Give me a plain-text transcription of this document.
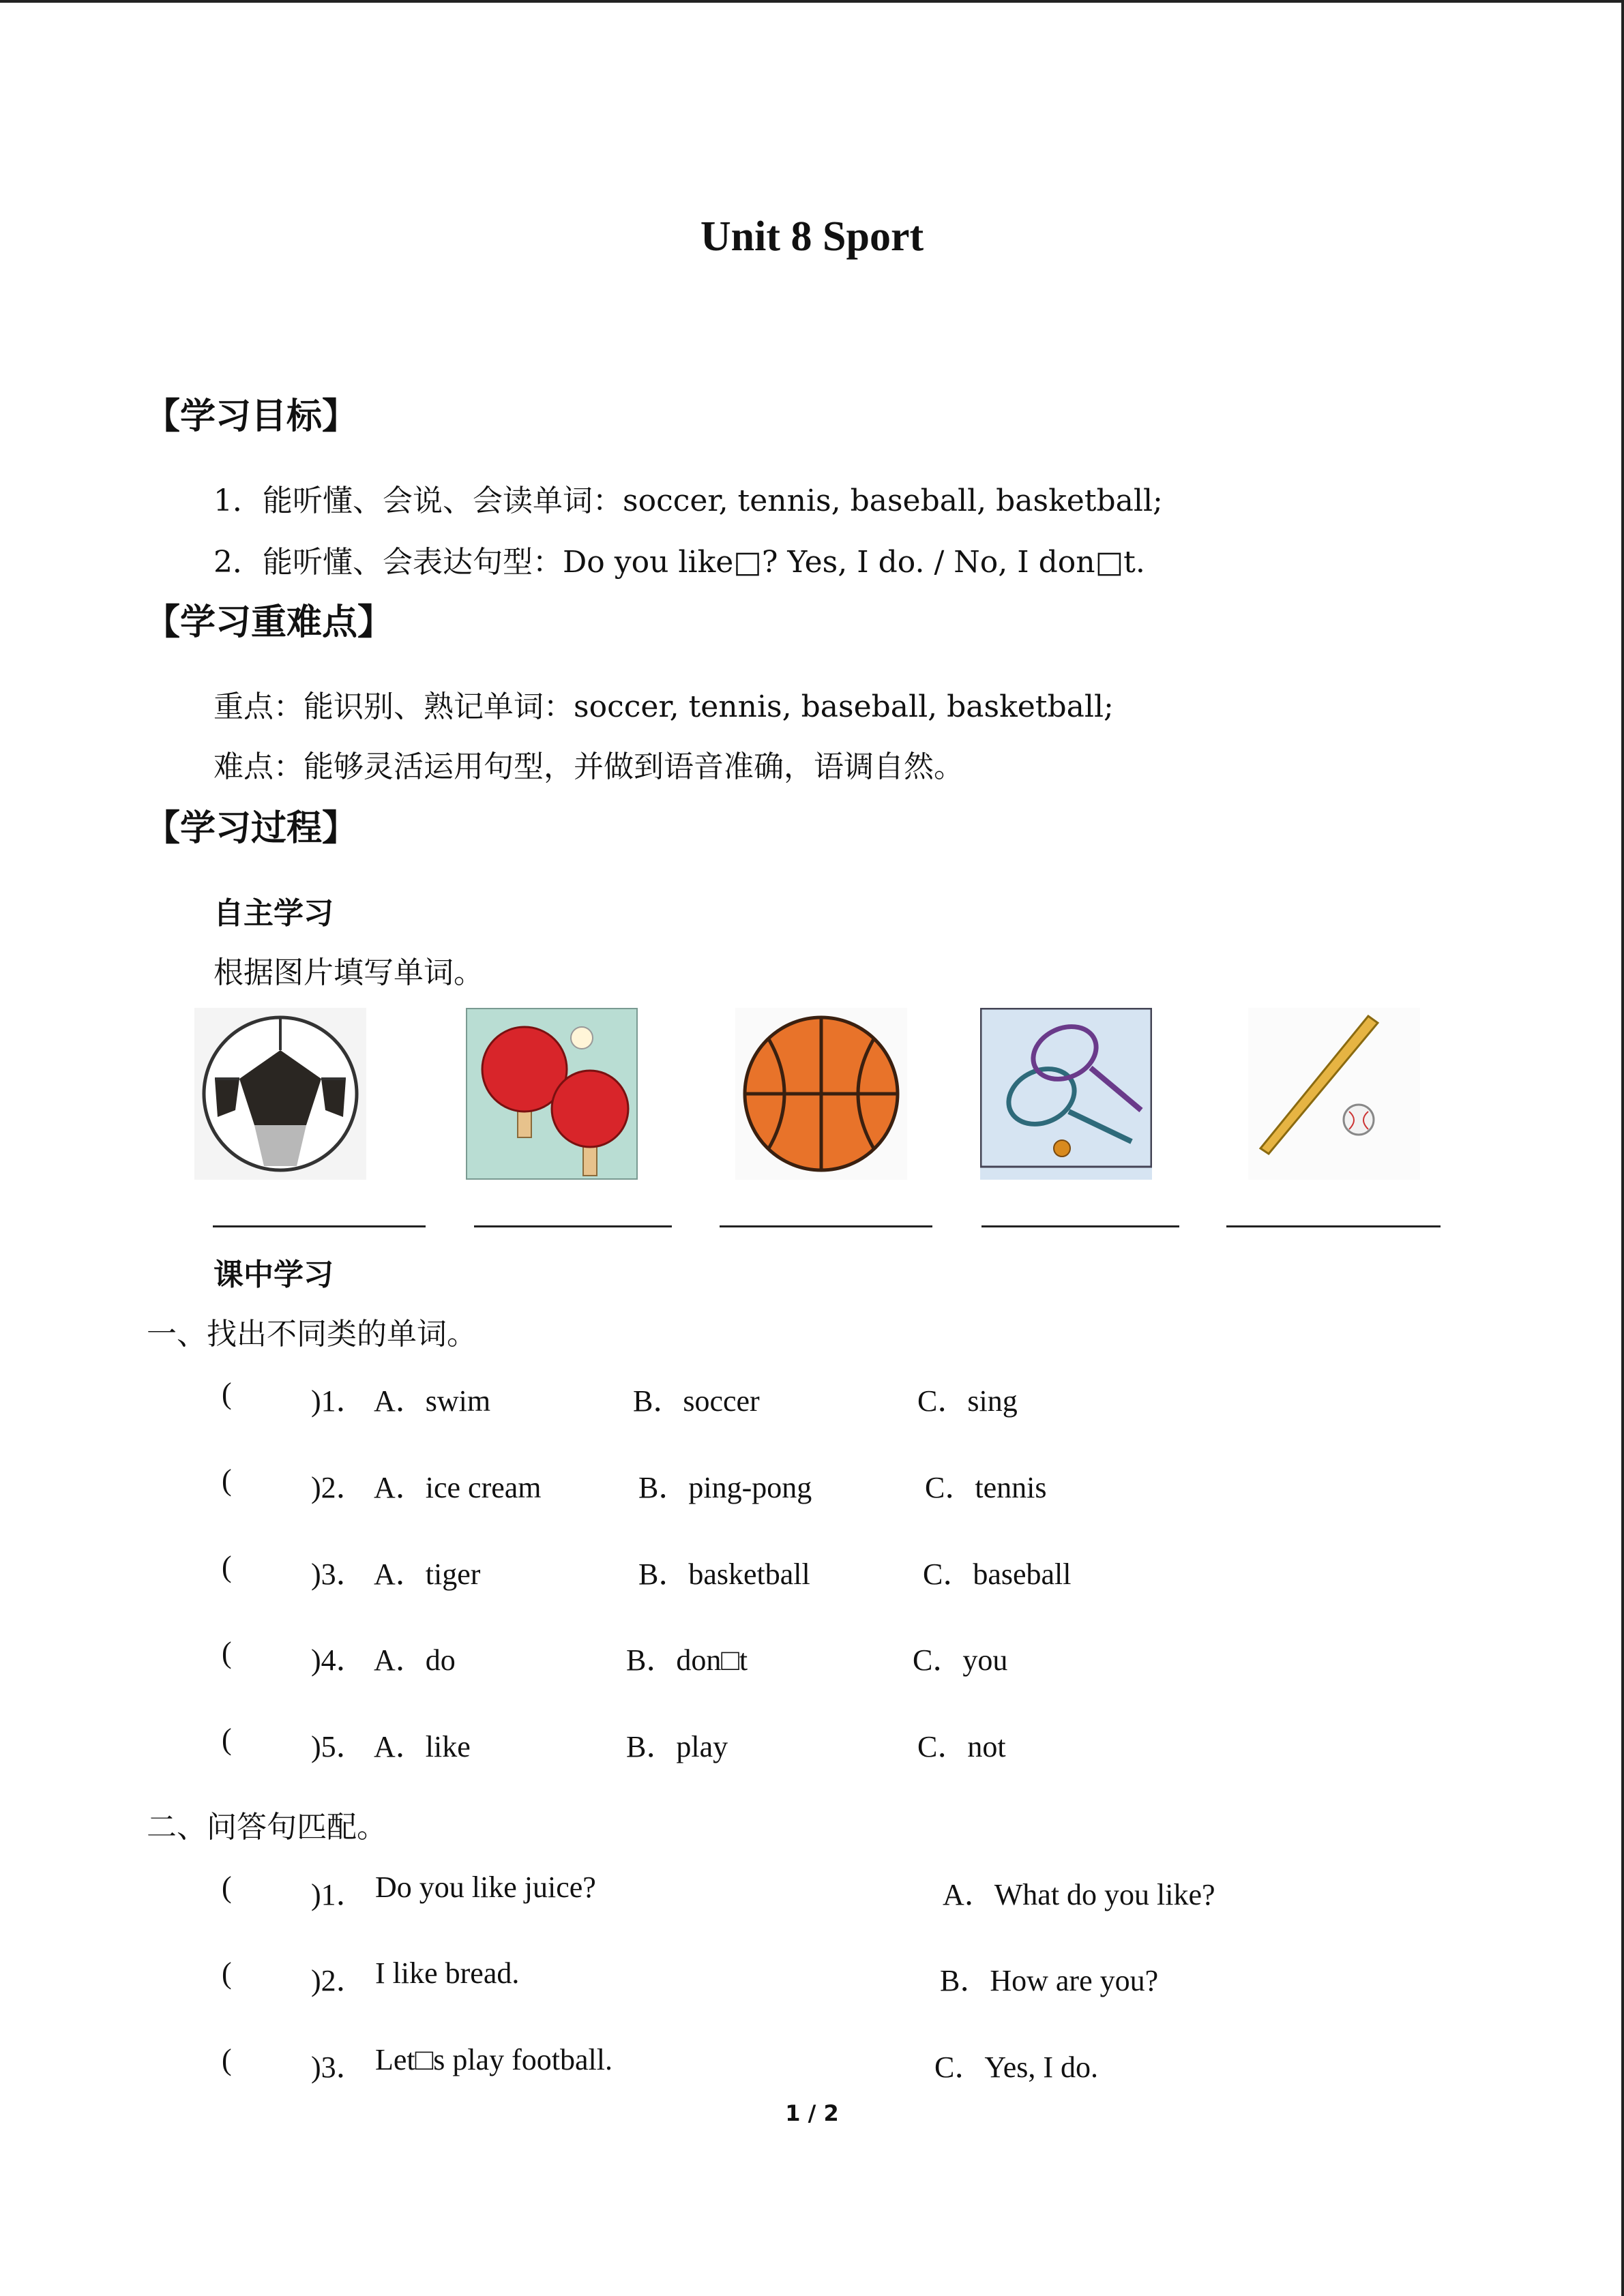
Unit 8 Sport
【学习目标】
1．能听懂、会说、会读单词：soccer, tennis, baseball, basketball;
2．能听懂、会表达句型：Do you like□? Yes, I do. / No, I don□t.
【学习重难点】
重点：能识别、熟记单词：soccer, tennis, baseball, basketball;
难点：能够灵活运用句型，并做到语音准确，语调自然。
【学习过程】
自主学习
根据图片填写单词。
课中学习
一、找出不同类的单词。
(	)1． A．swim	B．soccer	C．sing
(	)2． A．ice cream	B．ping-pong	C．tennis
(	)3． A．tiger	B．basketball	C．baseball
(	)4． A．do	B．don□t	C．you
(	)5． A．like	B．play	C．not
二、问答句匹配。
(	)1． Do you like juice?	A．What do you like?
(	)2． I like bread.	B．How are you?
(	)3． Let□s play football.	C．Yes, I do.
1 / 2
